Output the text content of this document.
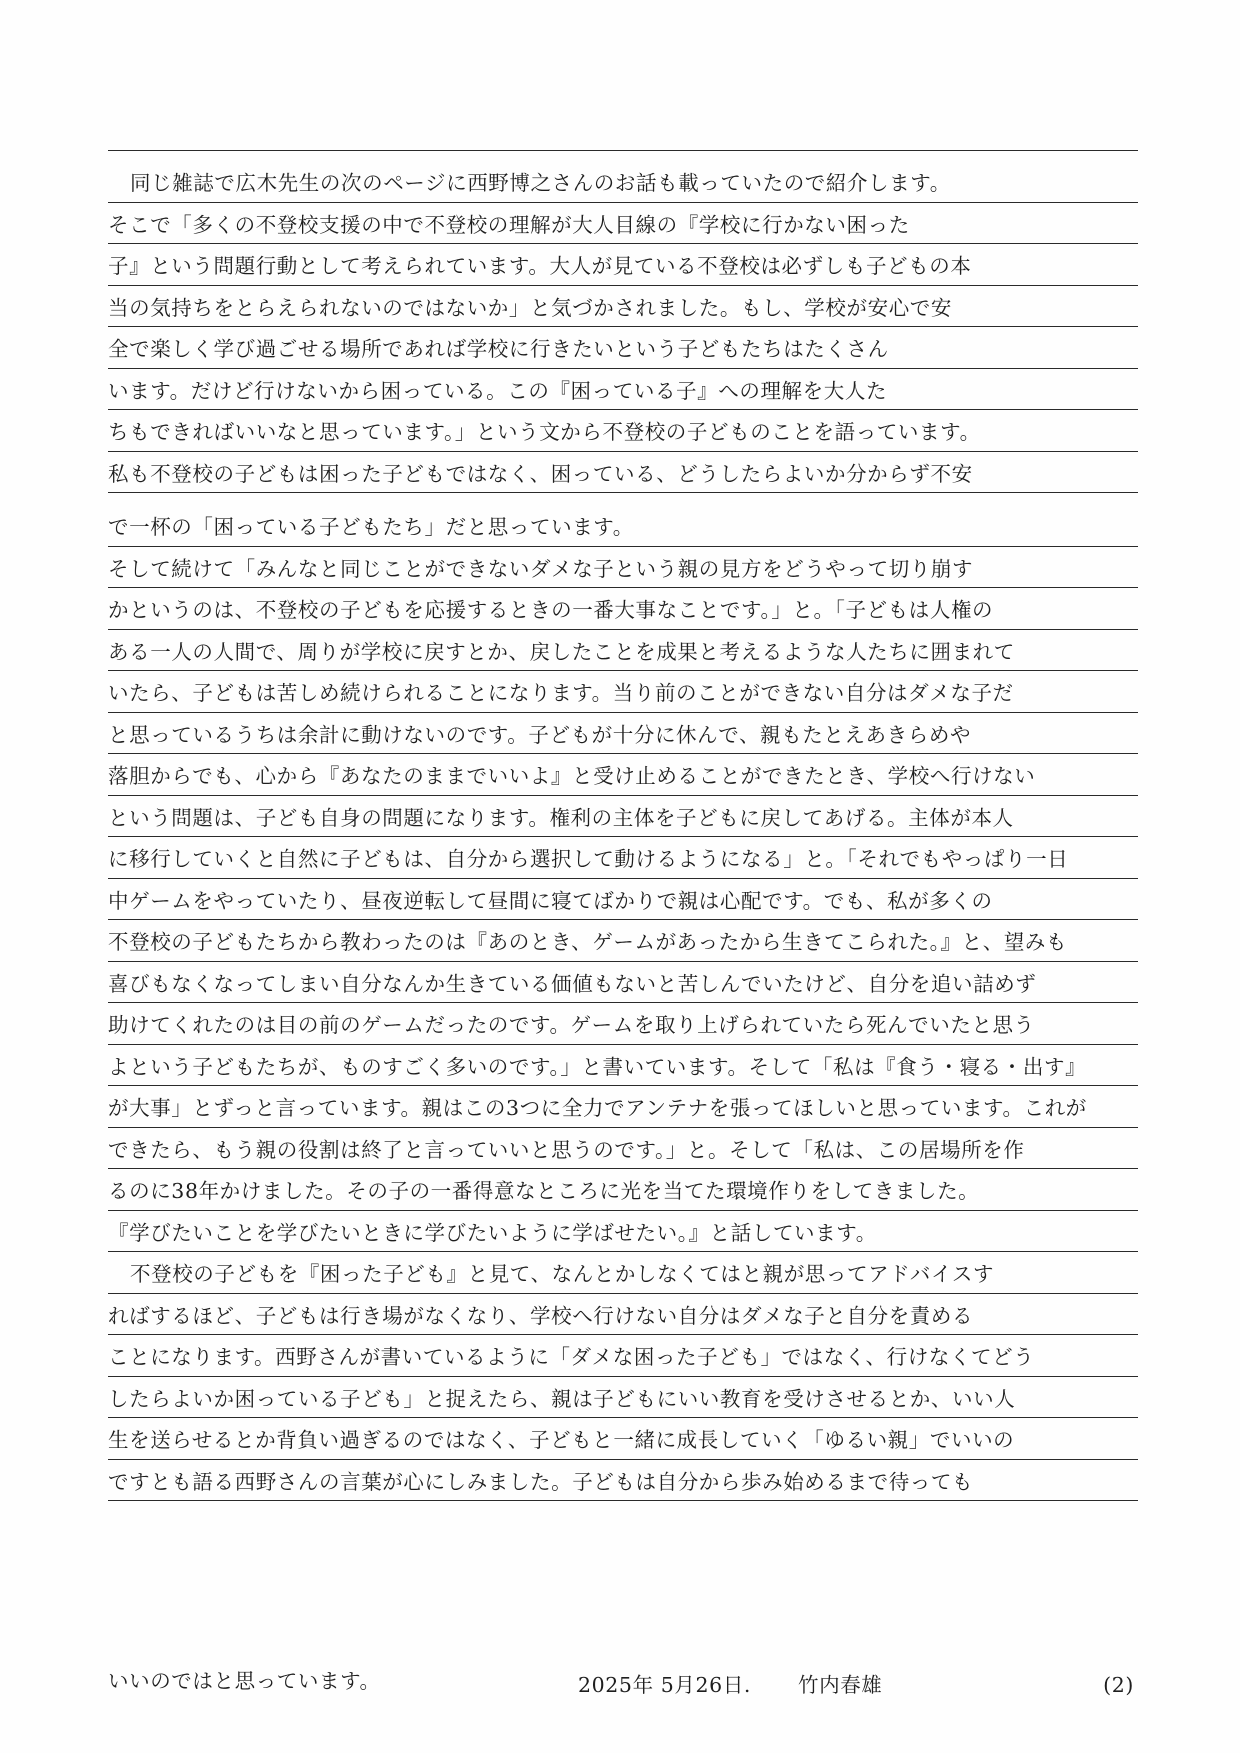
同じ雑誌で広木先生の次のページに西野博之さんのお話も載っていたので紹介します。
そこで「多くの不登校支援の中で不登校の理解が大人目線の『学校に行かない困った
子』という問題行動として考えられています。大人が見ている不登校は必ずしも子どもの本
当の気持ちをとらえられないのではないか」と気づかされました。もし、学校が安心で安
全で楽しく学び過ごせる場所であれば学校に行きたいという子どもたちはたくさん
います。だけど行けないから困っている。この『困っている子』への理解を大人た
ちもできればいいなと思っています。」という文から不登校の子どものことを語っています。
私も不登校の子どもは困った子どもではなく、困っている、どうしたらよいか分からず不安
で一杯の「困っている子どもたち」だと思っています。
そして続けて「みんなと同じことができないダメな子という親の見方をどうやって切り崩す
かというのは、不登校の子どもを応援するときの一番大事なことです。」と。「子どもは人権の
ある一人の人間で、周りが学校に戻すとか、戻したことを成果と考えるような人たちに囲まれて
いたら、子どもは苦しめ続けられることになります。当り前のことができない自分はダメな子だ
と思っているうちは余計に動けないのです。子どもが十分に休んで、親もたとえあきらめや
落胆からでも、心から『あなたのままでいいよ』と受け止めることができたとき、学校へ行けない
という問題は、子ども自身の問題になります。権利の主体を子どもに戻してあげる。主体が本人
に移行していくと自然に子どもは、自分から選択して動けるようになる」と。「それでもやっぱり一日
中ゲームをやっていたり、昼夜逆転して昼間に寝てばかりで親は心配です。でも、私が多くの
不登校の子どもたちから教わったのは『あのとき、ゲームがあったから生きてこられた。』と、望みも
喜びもなくなってしまい自分なんか生きている価値もないと苦しんでいたけど、自分を追い詰めず
助けてくれたのは目の前のゲームだったのです。ゲームを取り上げられていたら死んでいたと思う
よという子どもたちが、ものすごく多いのです。」と書いています。そして「私は『食う・寝る・出す』
が大事」とずっと言っています。親はこの3つに全力でアンテナを張ってほしいと思っています。これが
できたら、もう親の役割は終了と言っていいと思うのです。」と。そして「私は、この居場所を作
るのに38年かけました。その子の一番得意なところに光を当てた環境作りをしてきました。
『学びたいことを学びたいときに学びたいように学ばせたい。』と話しています。
不登校の子どもを『困った子ども』と見て、なんとかしなくてはと親が思ってアドバイスす
ればするほど、子どもは行き場がなくなり、学校へ行けない自分はダメな子と自分を責める
ことになります。西野さんが書いているように「ダメな困った子ども」ではなく、行けなくてどう
したらよいか困っている子ども」と捉えたら、親は子どもにいい教育を受けさせるとか、いい人
生を送らせるとか背負い過ぎるのではなく、子どもと一緒に成長していく「ゆるい親」でいいの
ですとも語る西野さんの言葉が心にしみました。子どもは自分から歩み始めるまで待っても
いいのではと思っています。	2025年 5月26日. 竹内春雄	(2)
